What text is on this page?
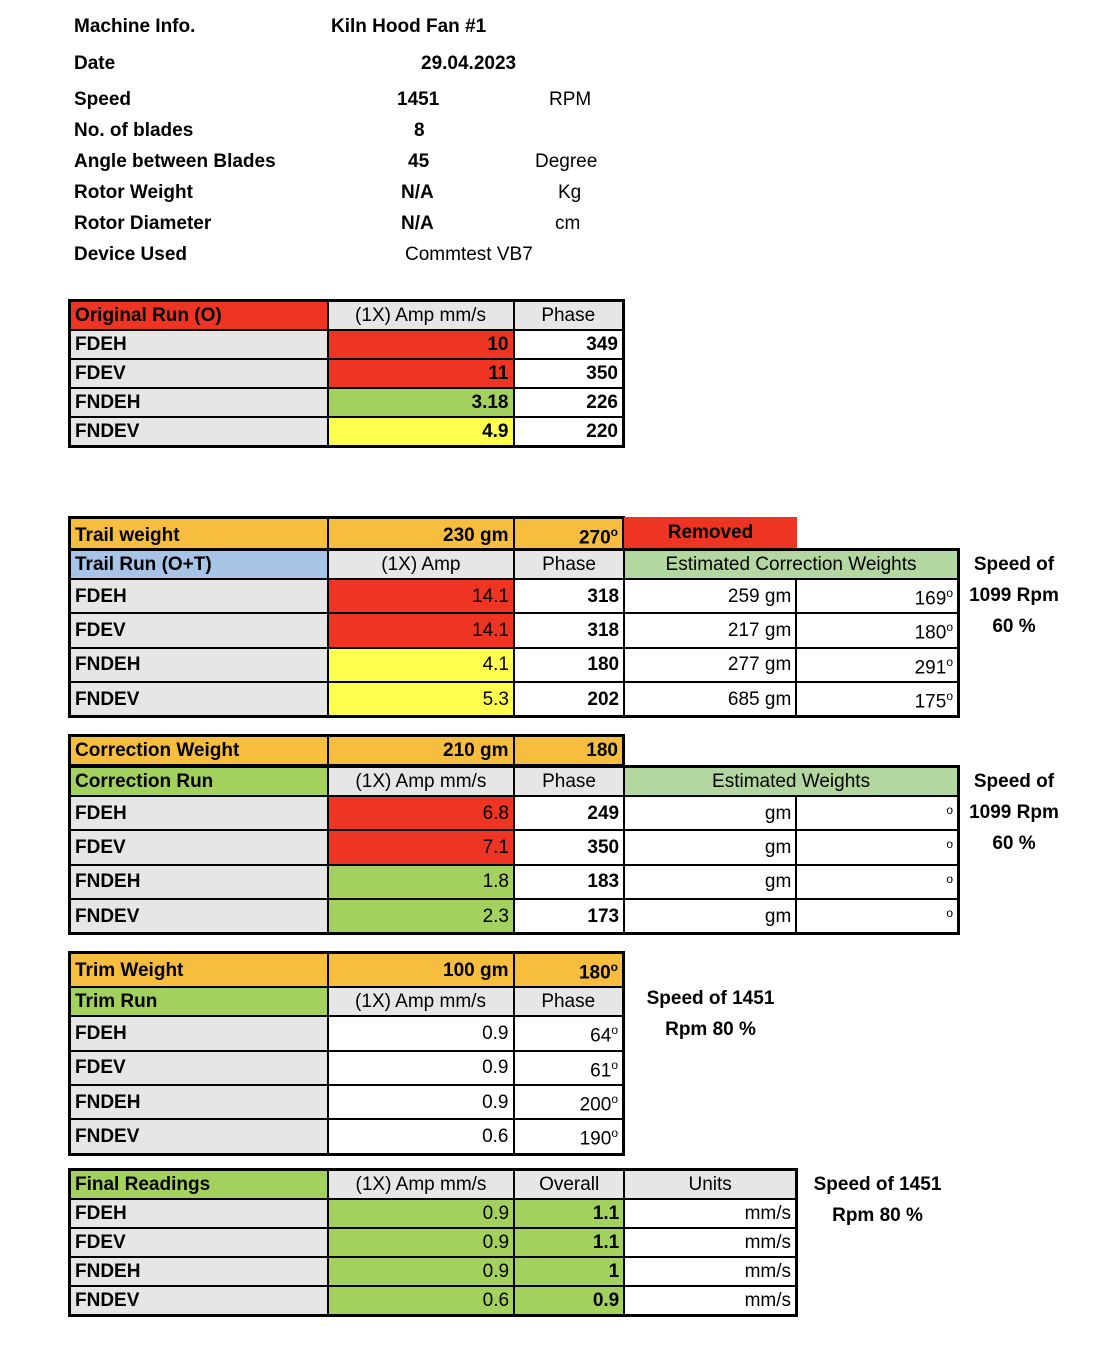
Machine Info.	Kiln Hood Fan #1
Date	29.04.2023
Speed	1451	RPM
No. of blades	8
Angle between Blades	45	Degree
Rotor Weight	N/A	Kg
Rotor Diameter	N/A	cm
Device Used	Commtest VB7
Original Run (O)	(1X) Amp mm/s	Phase
FDEH	10	349
FDEV	11	350
FNDEH	3.18	226
FNDEV	4.9	220
Trail weight	230 gm	270$^o$	Removed
Trail Run (O+T)	(1X) Amp	Phase	Estimated Correction Weights	
FDEH	14.1	318	259 gm	169$^o$
FDEV	14.1	318	217 gm	180$^o$
FNDEH	4.1	180	277 gm	291$^o$
FNDEV	5.3	202	685 gm	175$^o$
Speed of
1099 Rpm
60 %
Correction Weight	210 gm	180
Correction Run	(1X) Amp mm/s	Phase	Estimated Weights	
FDEH	6.8	249	gm	$^o$
FDEV	7.1	350	gm	$^o$
FNDEH	1.8	183	gm	$^o$
FNDEV	2.3	173	gm	$^o$
Speed of
1099 Rpm
60 %
Trim Weight	100 gm	180$^o$
Trim Run	(1X) Amp mm/s	Phase
FDEH	0.9	64$^o$
FDEV	0.9	61$^o$
FNDEH	0.9	200$^o$
FNDEV	0.6	190$^o$
Speed of 1451
Rpm 80 %
Final Readings	(1X) Amp mm/s	Overall	Units
FDEH	0.9	1.1	mm/s
FDEV	0.9	1.1	mm/s
FNDEH	0.9	1	mm/s
FNDEV	0.6	0.9	mm/s
Speed of 1451
Rpm 80 %
